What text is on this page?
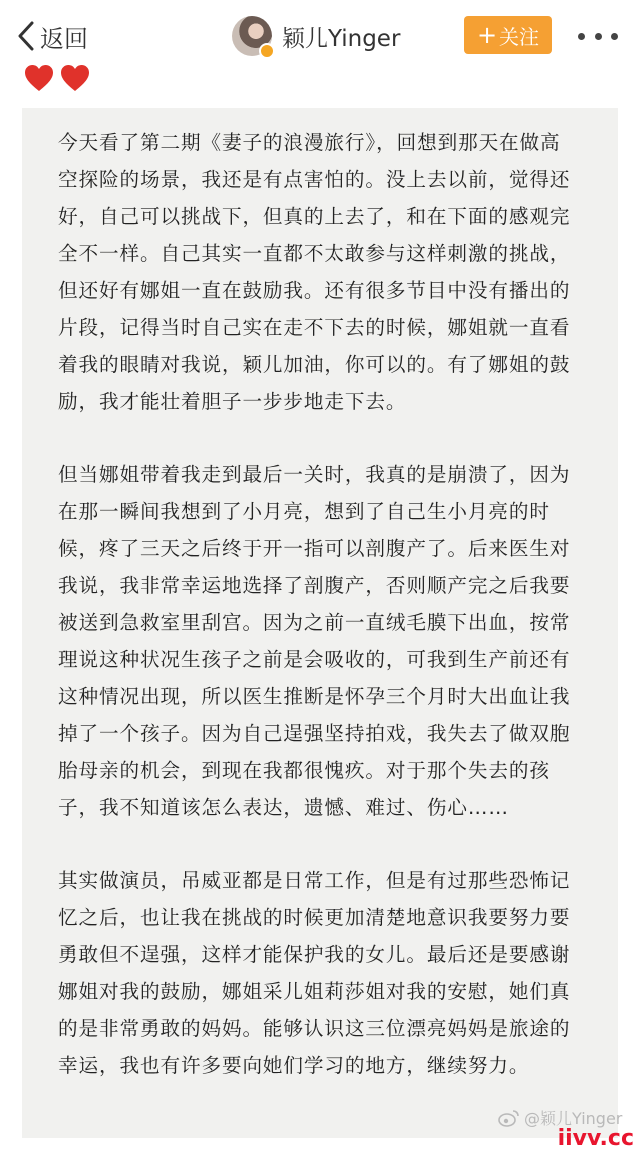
返回	颖儿Yinger	+ 关注

今天看了第二期《妻子的浪漫旅行》，回想到那天在做高空探险的场景，我还是有点害怕的。没上去以前，觉得还好，自己可以挑战下，但真的上去了，和在下面的感观完全不一样。自己其实一直都不太敢参与这样刺激的挑战，但还好有娜姐一直在鼓励我。还有很多节目中没有播出的片段，记得当时自己实在走不下去的时候，娜姐就一直看着我的眼睛对我说，颖儿加油，你可以的。有了娜姐的鼓励，我才能壮着胆子一步步地走下去。

但当娜姐带着我走到最后一关时，我真的是崩溃了，因为在那一瞬间我想到了小月亮，想到了自己生小月亮的时候，疼了三天之后终于开一指可以剖腹产了。后来医生对我说，我非常幸运地选择了剖腹产，否则顺产完之后我要被送到急救室里刮宫。因为之前一直绒毛膜下出血，按常理说这种状况生孩子之前是会吸收的，可我到生产前还有这种情况出现，所以医生推断是怀孕三个月时大出血让我掉了一个孩子。因为自己逞强坚持拍戏，我失去了做双胞胎母亲的机会，到现在我都很愧疚。对于那个失去的孩子，我不知道该怎么表达，遗憾、难过、伤心……

其实做演员，吊威亚都是日常工作，但是有过那些恐怖记忆之后，也让我在挑战的时候更加清楚地意识我要努力要勇敢但不逞强，这样才能保护我的女儿。最后还是要感谢娜姐对我的鼓励，娜姐采儿姐莉莎姐对我的安慰，她们真的是非常勇敢的妈妈。能够认识这三位漂亮妈妈是旅途的幸运，我也有许多要向她们学习的地方，继续努力。

@颖儿Yinger
iivv.cc
